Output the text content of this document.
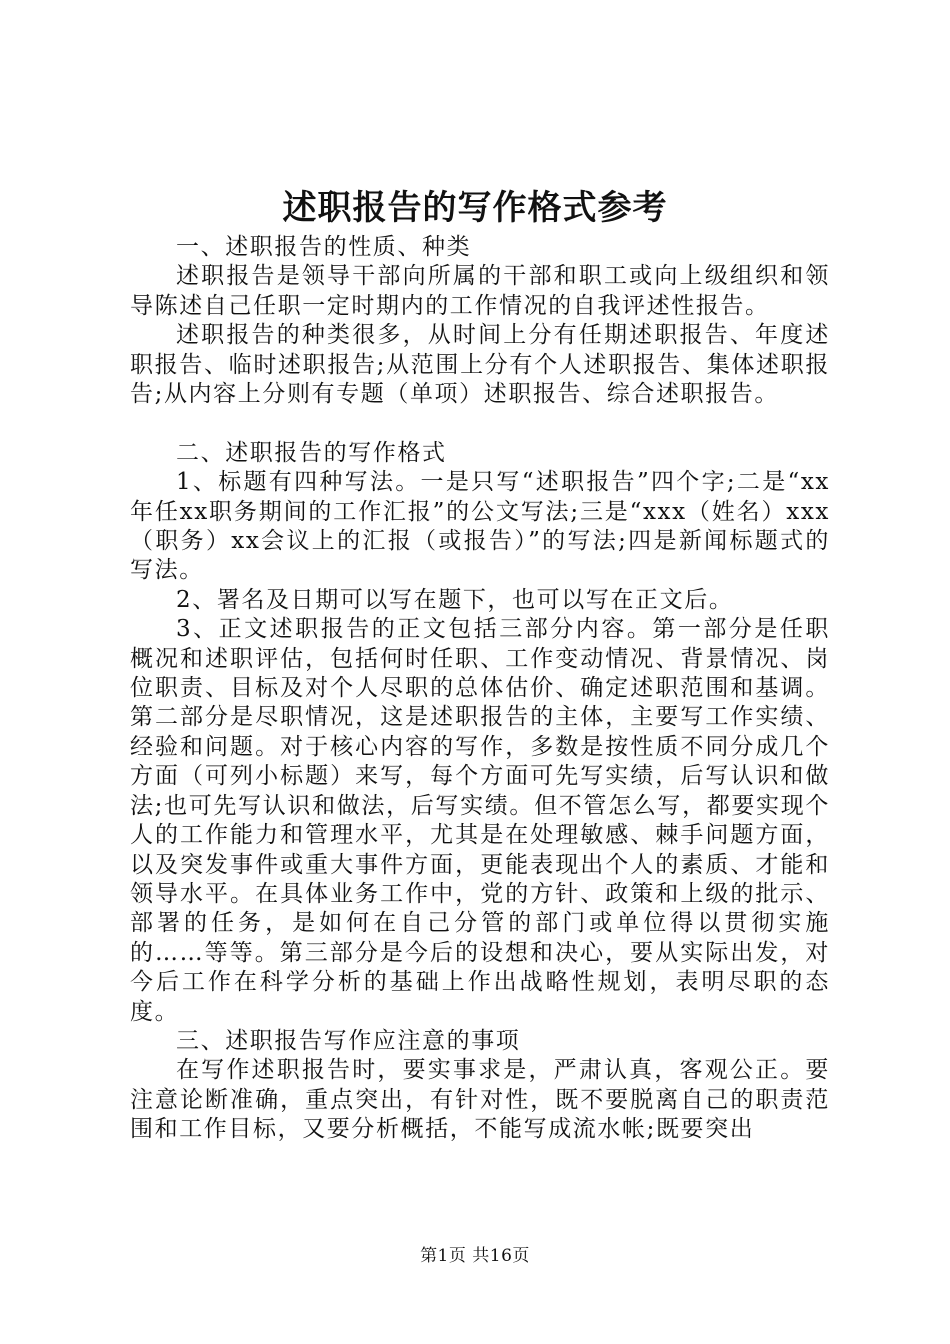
述职报告的写作格式参考

一、述职报告的性质、种类

述职报告是领导干部向所属的干部和职工或向上级组织和领导陈述自己任职一定时期内的工作情况的自我评述性报告。

述职报告的种类很多，从时间上分有任期述职报告、年度述职报告、临时述职报告;从范围上分有个人述职报告、集体述职报告;从内容上分则有专题（单项）述职报告、综合述职报告。

二、述职报告的写作格式

1、标题有四种写法。一是只写“述职报告”四个字;二是“xx年任xx职务期间的工作汇报”的公文写法;三是“xxx（姓名）xxx（职务）xx会议上的汇报（或报告）”的写法;四是新闻标题式的写法。

2、署名及日期可以写在题下，也可以写在正文后。

3、正文述职报告的正文包括三部分内容。第一部分是任职概况和述职评估，包括何时任职、工作变动情况、背景情况、岗位职责、目标及对个人尽职的总体估价、确定述职范围和基调。第二部分是尽职情况，这是述职报告的主体，主要写工作实绩、经验和问题。对于核心内容的写作，多数是按性质不同分成几个方面（可列小标题）来写，每个方面可先写实绩，后写认识和做法;也可先写认识和做法，后写实绩。但不管怎么写，都要实现个人的工作能力和管理水平，尤其是在处理敏感、棘手问题方面，以及突发事件或重大事件方面，更能表现出个人的素质、才能和领导水平。在具体业务工作中，党的方针、政策和上级的批示、部署的任务，是如何在自己分管的部门或单位得以贯彻实施的……等等。第三部分是今后的设想和决心，要从实际出发，对今后工作在科学分析的基础上作出战略性规划，表明尽职的态度。

三、述职报告写作应注意的事项

在写作述职报告时，要实事求是，严肃认真，客观公正。要注意论断准确，重点突出，有针对性，既不要脱离自己的职责范围和工作目标，又要分析概括，不能写成流水帐;既要突出

第1页 共16页
